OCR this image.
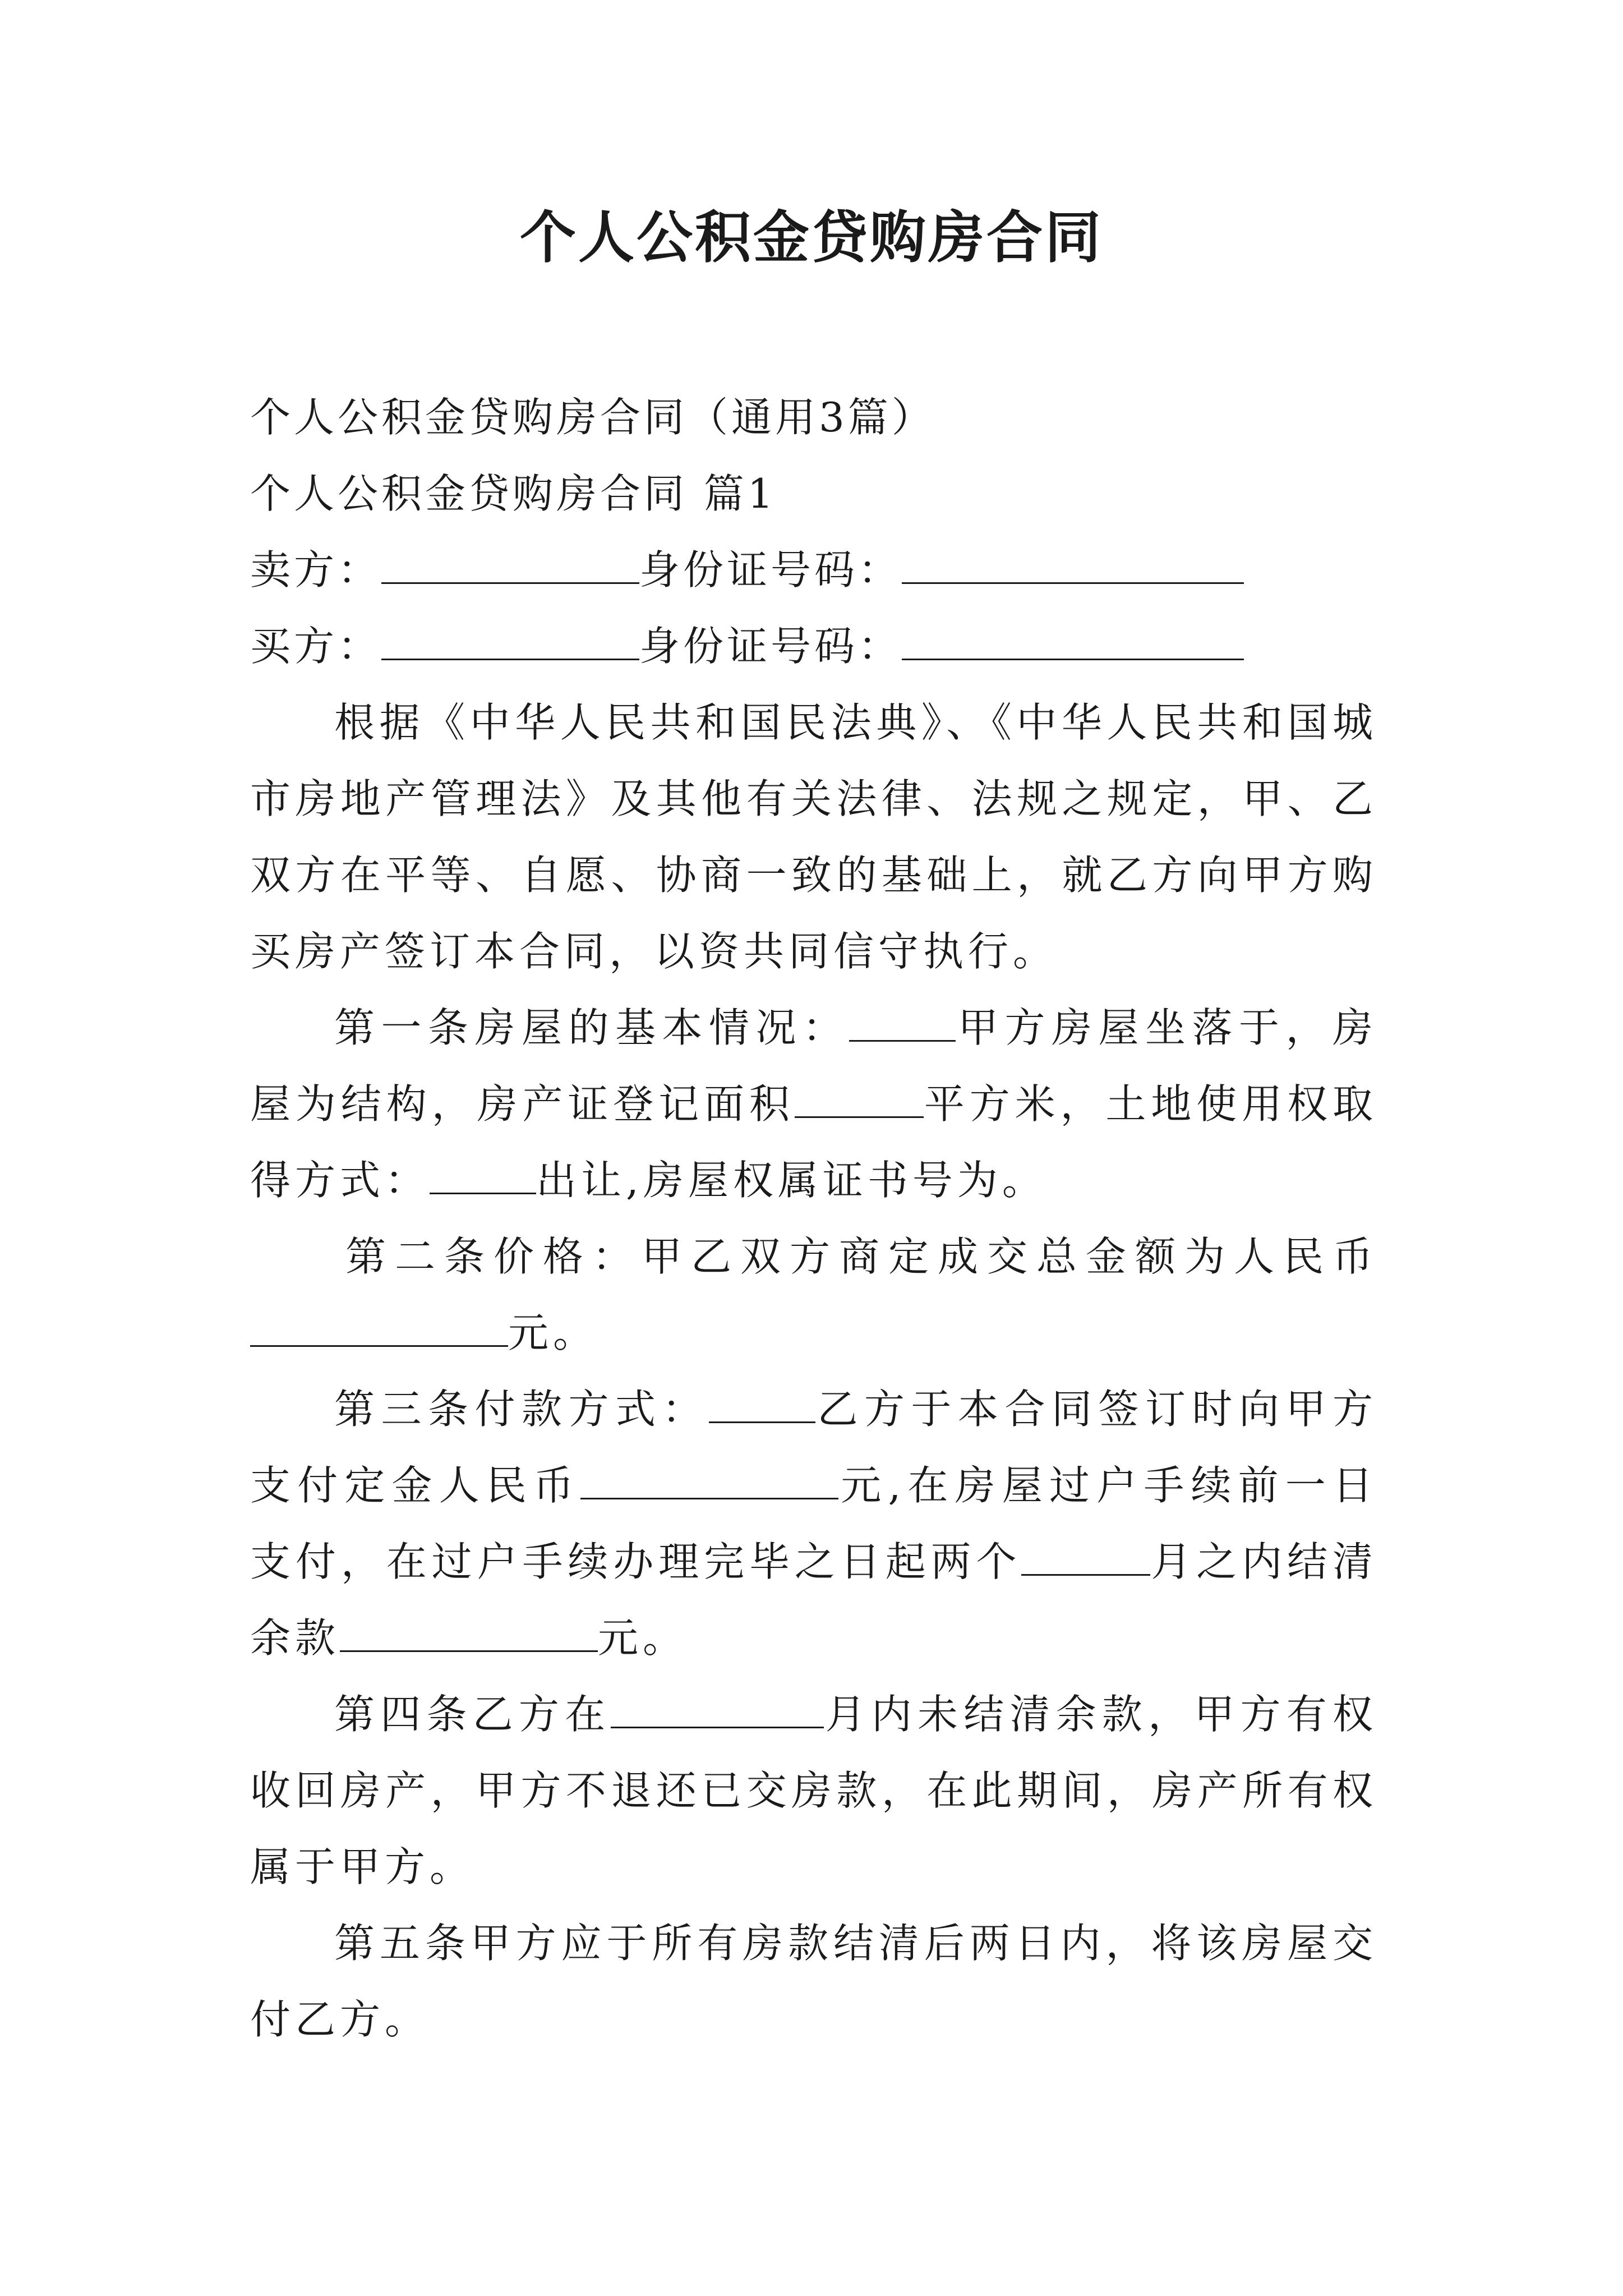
个人公积金贷购房合同

个人公积金贷购房合同（通用3篇）

个人公积金贷购房合同 篇1

卖方：	身份证号码：

买方：	身份证号码：

根据《中华人民共和国民法典》、《中华人民共和国城市房地产管理法》及其他有关法律、法规之规定，甲、乙双方在平等、自愿、协商一致的基础上，就乙方向甲方购买房产签订本合同，以资共同信守执行。

第一条房屋的基本情况：	甲方房屋坐落于，房屋为结构，房产证登记面积	平方米，土地使用权取得方式：	出让,房屋权属证书号为。

第二条价格：甲乙双方商定成交总金额为人民币元。

第三条付款方式：	乙方于本合同签订时向甲方支付定金人民币	元,在房屋过户手续前一日支付，在过户手续办理完毕之日起两个	月之内结清余款	元。

第四条乙方在	月内未结清余款，甲方有权收回房产，甲方不退还已交房款，在此期间，房产所有权属于甲方。

第五条甲方应于所有房款结清后两日内，将该房屋交付乙方。
